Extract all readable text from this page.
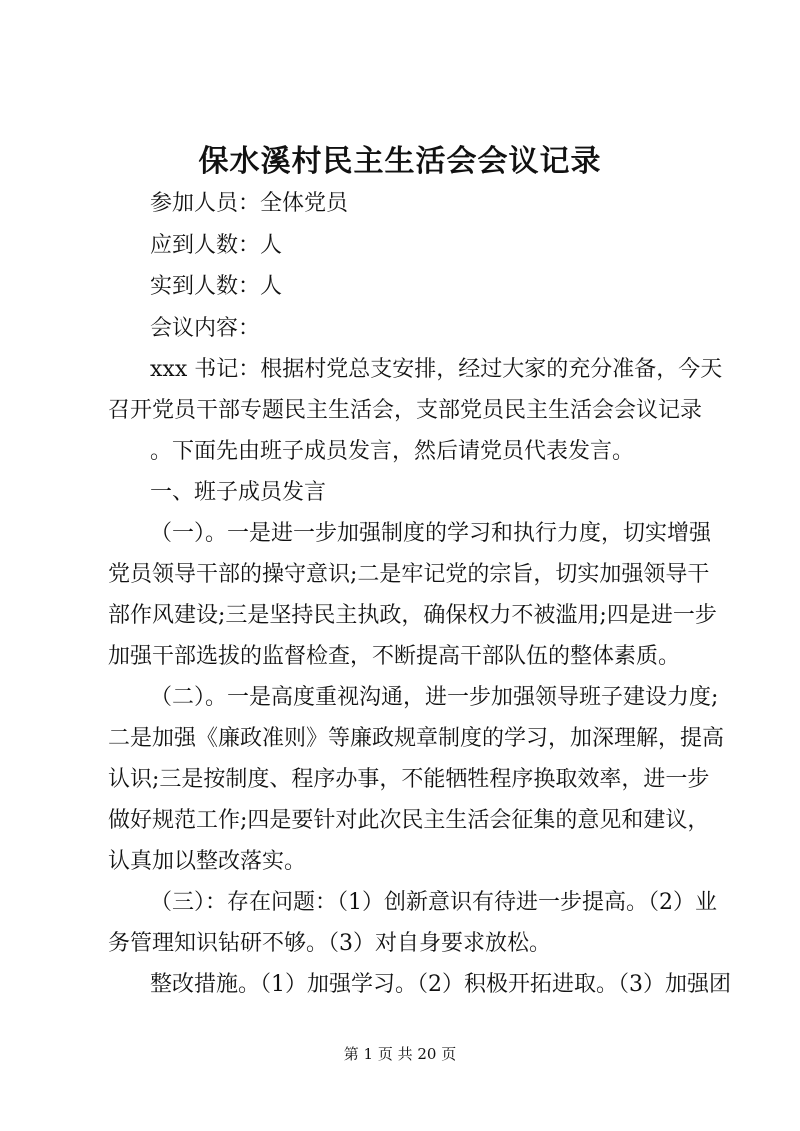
保水溪村民主生活会会议记录
参加人员：全体党员
应到人数：人
实到人数：人
会议内容：
xxx 书记：根据村党总支安排，经过大家的充分准备，今天
召开党员干部专题民主生活会，支部党员民主生活会会议记录
。下面先由班子成员发言，然后请党员代表发言。
一、班子成员发言
（一）。一是进一步加强制度的学习和执行力度，切实增强
党员领导干部的操守意识;二是牢记党的宗旨，切实加强领导干
部作风建设;三是坚持民主执政，确保权力不被滥用;四是进一步
加强干部选拔的监督检查，不断提高干部队伍的整体素质。
（二）。一是高度重视沟通，进一步加强领导班子建设力度;
二是加强《廉政准则》等廉政规章制度的学习，加深理解，提高
认识;三是按制度、程序办事，不能牺牲程序换取效率，进一步
做好规范工作;四是要针对此次民主生活会征集的意见和建议，
认真加以整改落实。
（三）：存在问题：（1）创新意识有待进一步提高。（2）业
务管理知识钻研不够。（3）对自身要求放松。
整改措施。（1）加强学习。（2）积极开拓进取。（3）加强团
第 1 页 共 20 页
